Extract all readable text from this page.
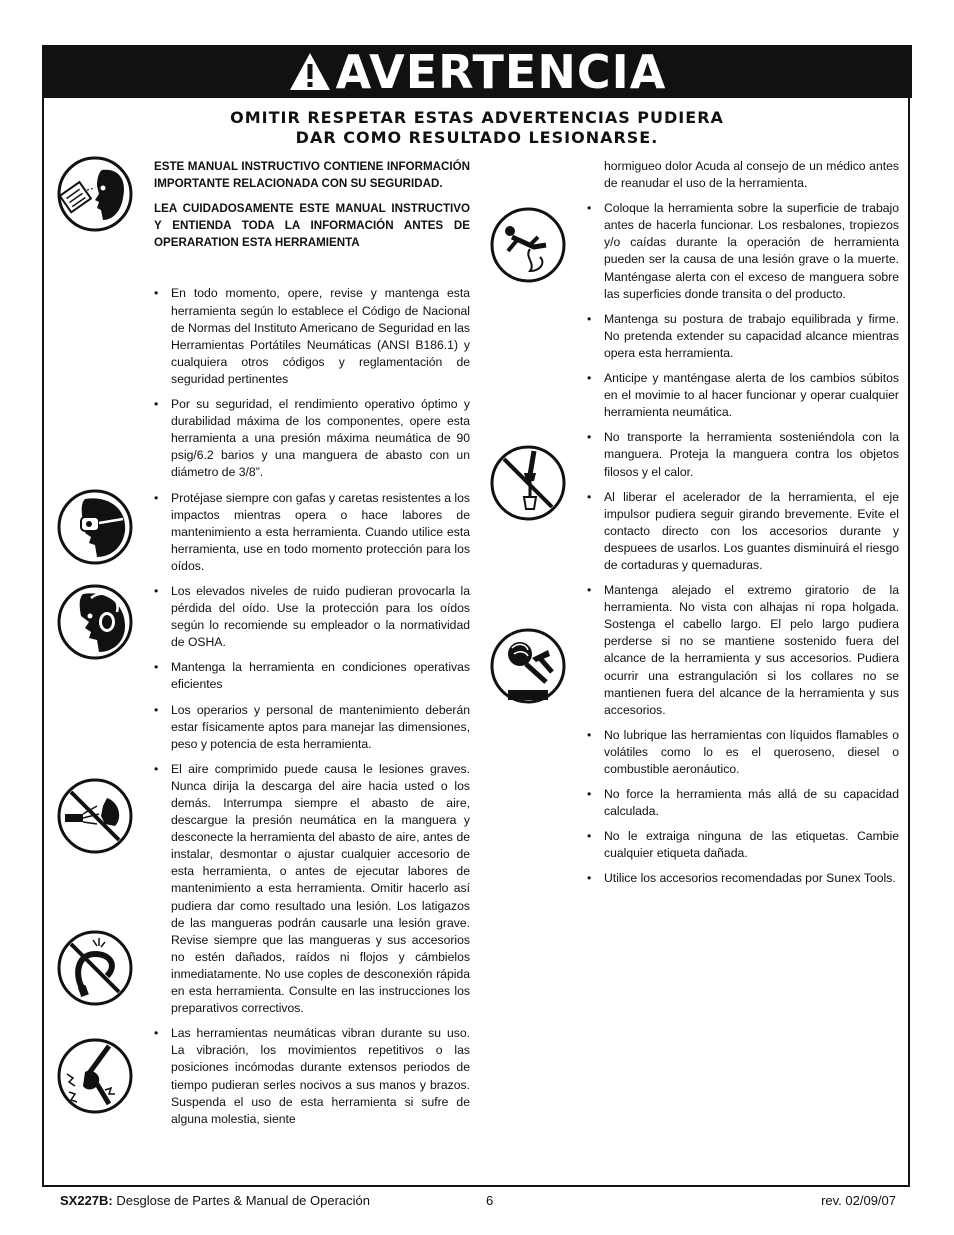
AVERTENCIA
OMITIR RESPETAR ESTAS ADVERTENCIAS PUDIERA
DAR COMO RESULTADO LESIONARSE.

ESTE MANUAL INSTRUCTIVO CONTIENE INFORMACIÓN IMPORTANTE RELACIONADA CON SU SEGURIDAD.

LEA CUIDADOSAMENTE ESTE MANUAL INSTRUCTIVO Y ENTIENDA TODA LA INFORMACIÓN ANTES DE OPERARATION ESTA HERRAMIENTA

• En todo momento, opere, revise y mantenga esta herramienta según lo establece el Código de Nacional de Normas del Instituto Americano de Seguridad en las Herramientas Portátiles Neumáticas (ANSI B186.1) y cualquiera otros códigos y reglamentación de seguridad pertinentes
• Por su seguridad, el rendimiento operativo óptimo y durabilidad máxima de los componentes, opere esta herramienta a una presión máxima neumática de 90 psig/6.2 barios y una manguera de abasto con un diámetro de 3/8”.
• Protéjase siempre con gafas y caretas resistentes a los impactos mientras opera o hace labores de mantenimiento a esta herramienta. Cuando utilice esta herramienta, use en todo momento protección para los oídos.
• Los elevados niveles de ruido pudieran provocarla la pérdida del oído. Use la protección para los oídos según lo recomiende su empleador o la normatividad de OSHA.
• Mantenga la herramienta en condiciones operativas eficientes
• Los operarios y personal de mantenimiento deberán estar físicamente aptos para manejar las dimensiones, peso y potencia de esta herramienta.
• El aire comprimido puede causa le lesiones graves. Nunca dirija la descarga del aire hacia usted o los demás. Interrumpa siempre el abasto de aire, descargue la presión neumática en la manguera y desconecte la herramienta del abasto de aire, antes de instalar, desmontar o ajustar cualquier accesorio de esta herramienta, o antes de ejecutar labores de mantenimiento a esta herramienta. Omitir hacerlo así pudiera dar como resultado una lesión. Los latigazos de las mangueras podrán causarle una lesión grave. Revise siempre que las mangueras y sus accesorios no estén dañados, raídos ni flojos y cámbielos inmediatamente. No use coples de desconexión rápida en esta herramienta. Consulte en las instrucciones los preparativos correctivos.
• Las herramientas neumáticas vibran durante su uso. La vibración, los movimientos repetitivos o las posiciones incómodas durante extensos periodos de tiempo pudieran serles nocivos a sus manos y brazos. Suspenda el uso de esta herramienta si sufre de alguna molestia, siente

hormigueo dolor Acuda al consejo de un médico antes de reanudar el uso de la herramienta.

• Coloque la herramienta sobre la superficie de trabajo antes de hacerla funcionar. Los resbalones, tropiezos y/o caídas durante la operación de herramienta pueden ser la causa de una lesión grave o la muerte. Manténgase alerta con el exceso de manguera sobre las superficies donde transita o del producto.
• Mantenga su postura de trabajo equilibrada y firme. No pretenda extender su capacidad alcance mientras opera esta herramienta.
• Anticipe y manténgase alerta de los cambios súbitos en el movimie to al hacer funcionar y operar cualquier herramienta neumática.
• No transporte la herramienta sosteniéndola con la manguera. Proteja la manguera contra los objetos filosos y el calor.
• Al liberar el acelerador de la herramienta, el eje impulsor pudiera seguir girando brevemente. Evite el contacto directo con los accesorios durante y despuees de usarlos. Los guantes disminuirá el riesgo de cortaduras y quemaduras.
• Mantenga alejado el extremo giratorio de la herramienta. No vista con alhajas ni ropa holgada. Sostenga el cabello largo. El pelo largo pudiera perderse si no se mantiene sostenido fuera del alcance de la herramienta y sus accesorios. Pudiera ocurrir una estrangulación si los collares no se mantienen fuera del alcance de la herramienta y sus accesorios.
• No lubrique las herramientas con líquidos flamables o volátiles como lo es el queroseno, diesel o combustible aeronáutico.
• No force la herramienta más allá de su capacidad calculada.
• No le extraiga ninguna de las etiquetas. Cambie cualquier etiqueta dañada.
• Utilice los accesorios recomendadas por Sunex Tools.
SX227B: Desglose de Partes & Manual de Operación	6	rev. 02/09/07
